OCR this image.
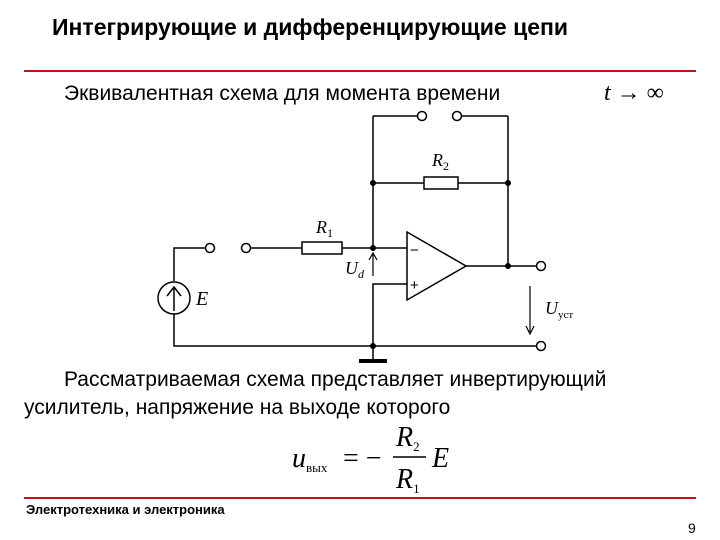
Интегрирующие и дифференцирующие цепи
Эквивалентная схема для момента времени	t → ∞
−
+
$R_1$
$R_2$
$U_d$
E	$U_{уст}$
uвых = −
R2
R1
E
Рассматриваемая схема представляет инвертирующий
усилитель, напряжение на выходе которого
Электротехника и электроника
9
